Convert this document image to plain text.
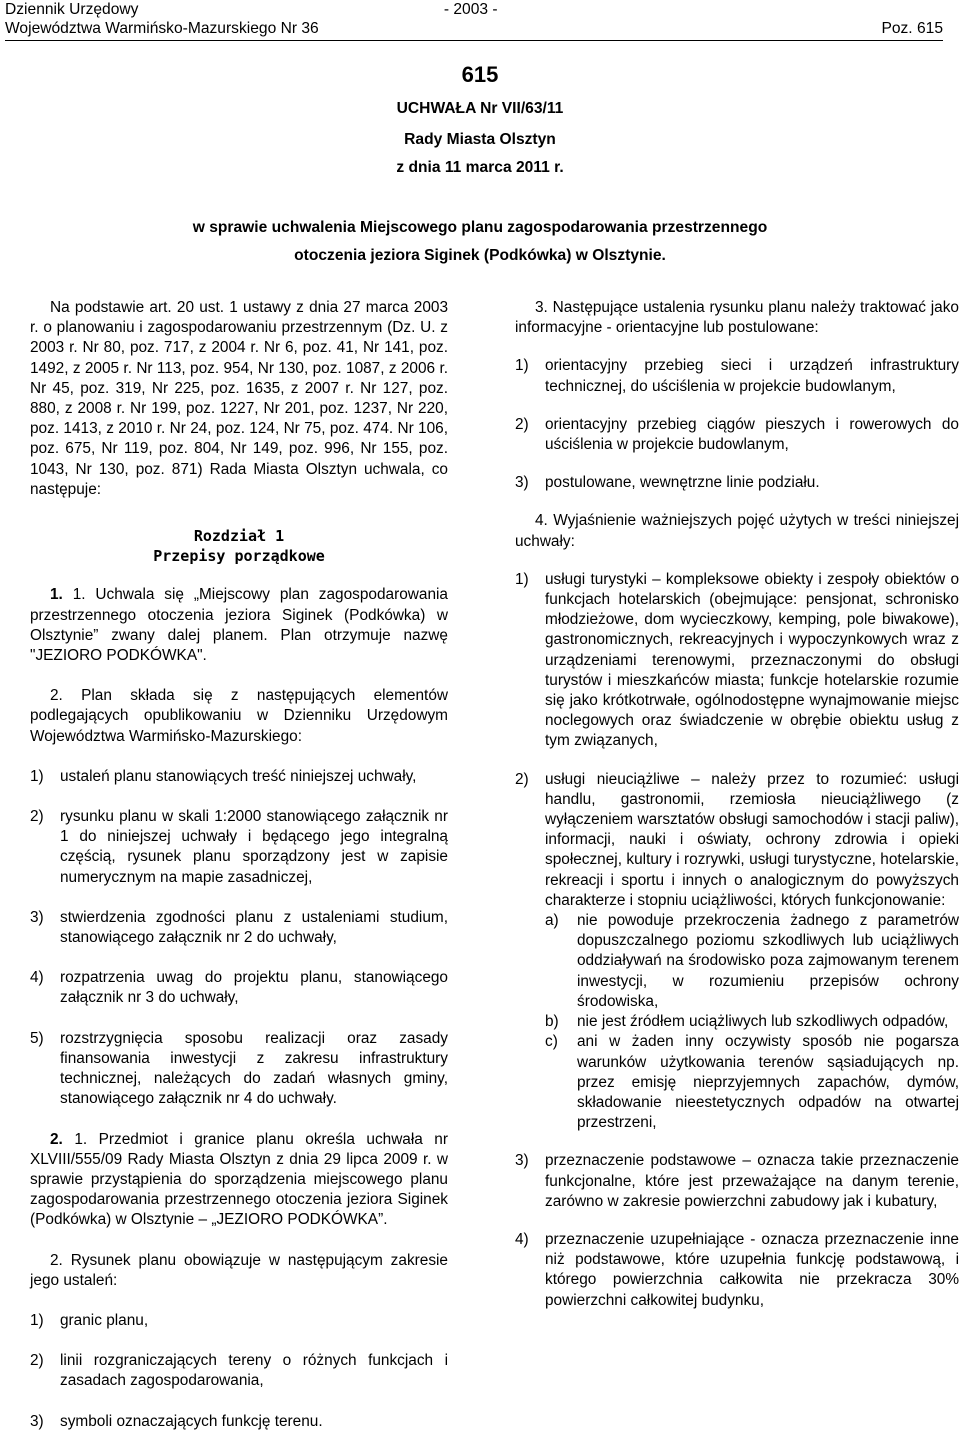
Dziennik Urzędowy	- 2003 -
Województwa Warmińsko-Mazurskiego Nr 36	Poz. 615
615
UCHWAŁA Nr VII/63/11
Rady Miasta Olsztyn
z dnia 11 marca 2011 r.
w sprawie uchwalenia Miejscowego planu zagospodarowania przestrzennego
otoczenia jeziora Siginek (Podkówka) w Olsztynie.

Na podstawie art. 20 ust. 1 ustawy z dnia 27 marca 2003 r. o planowaniu i zagospodarowaniu przestrzennym (Dz. U. z 2003 r. Nr 80, poz. 717, z 2004 r. Nr 6, poz. 41, Nr 141, poz. 1492, z 2005 r. Nr 113, poz. 954, Nr 130, poz. 1087, z 2006 r. Nr 45, poz. 319, Nr 225, poz. 1635, z 2007 r. Nr 127, poz. 880, z 2008 r. Nr 199, poz. 1227, Nr 201, poz. 1237, Nr 220, poz. 1413, z 2010 r. Nr 24, poz. 124, Nr 75, poz. 474. Nr 106, poz. 675, Nr 119, poz. 804, Nr 149, poz. 996, Nr 155, poz. 1043, Nr 130, poz. 871) Rada Miasta Olsztyn uchwala, co następuje:

Rozdział 1
Przepisy porządkowe

1. 1. Uchwala się „Miejscowy plan zagospodarowania przestrzennego otoczenia jeziora Siginek (Podkówka) w Olsztynie” zwany dalej planem. Plan otrzymuje nazwę "JEZIORO PODKÓWKA".

2. Plan składa się z następujących elementów podlegających opublikowaniu w Dzienniku Urzędowym Województwa Warmińsko-Mazurskiego:

1)	ustaleń planu stanowiących treść niniejszej uchwały,
2)	rysunku planu w skali 1:2000 stanowiącego załącznik nr 1 do niniejszej uchwały i będącego jego integralną częścią, rysunek planu sporządzony jest w zapisie numerycznym na mapie zasadniczej,
3)	stwierdzenia zgodności planu z ustaleniami studium, stanowiącego załącznik nr 2 do uchwały,
4)	rozpatrzenia uwag do projektu planu, stanowiącego załącznik nr 3 do uchwały,
5)	rozstrzygnięcia sposobu realizacji oraz zasady finansowania inwestycji z zakresu infrastruktury technicznej, należących do zadań własnych gminy, stanowiącego załącznik nr 4 do uchwały.

2. 1. Przedmiot i granice planu określa uchwała nr XLVIII/555/09 Rady Miasta Olsztyn z dnia 29 lipca 2009 r. w sprawie przystąpienia do sporządzenia miejscowego planu zagospodarowania przestrzennego otoczenia jeziora Siginek (Podkówka) w Olsztynie – „JEZIORO PODKÓWKA”.

2. Rysunek planu obowiązuje w następującym zakresie jego ustaleń:

1)	granic planu,
2)	linii rozgraniczających tereny o różnych funkcjach i zasadach zagospodarowania,
3)	symboli oznaczających funkcję terenu.

3. Następujące ustalenia rysunku planu należy traktować jako informacyjne - orientacyjne lub postulowane:

1)	orientacyjny przebieg sieci i urządzeń infrastruktury technicznej, do uściślenia w projekcie budowlanym,
2)	orientacyjny przebieg ciągów pieszych i rowerowych do uściślenia w projekcie budowlanym,
3)	postulowane, wewnętrzne linie podziału.

4. Wyjaśnienie ważniejszych pojęć użytych w treści niniejszej uchwały:

1)	usługi turystyki – kompleksowe obiekty i zespoły obiektów o funkcjach hotelarskich (obejmujące: pensjonat, schronisko młodzieżowe, dom wycieczkowy, kemping, pole biwakowe), gastronomicznych, rekreacyjnych i wypoczynkowych wraz z urządzeniami terenowymi, przeznaczonymi do obsługi turystów i mieszkańców miasta; funkcje hotelarskie rozumie się jako krótkotrwałe, ogólnodostępne wynajmowanie miejsc noclegowych oraz świadczenie w obrębie obiektu usług z tym związanych,
2)	usługi nieuciążliwe – należy przez to rozumieć: usługi handlu, gastronomii, rzemiosła nieuciążliwego (z wyłączeniem warsztatów obsługi samochodów i stacji paliw), informacji, nauki i oświaty, ochrony zdrowia i opieki społecznej, kultury i rozrywki, usługi turystyczne, hotelarskie, rekreacji i sportu i innych o analogicznym do powyższych charakterze i stopniu uciążliwości, których funkcjonowanie:
a)	nie powoduje przekroczenia żadnego z parametrów dopuszczalnego poziomu szkodliwych lub uciążliwych oddziaływań na środowisko poza zajmowanym terenem inwestycji, w rozumieniu przepisów ochrony środowiska,
b)	nie jest źródłem uciążliwych lub szkodliwych odpadów,
c)	ani w żaden inny oczywisty sposób nie pogarsza warunków użytkowania terenów sąsiadujących np. przez emisję nieprzyjemnych zapachów, dymów, składowanie nieestetycznych odpadów na otwartej przestrzeni,
3)	przeznaczenie podstawowe – oznacza takie przeznaczenie funkcjonalne, które jest przeważające na danym terenie, zarówno w zakresie powierzchni zabudowy jak i kubatury,
4)	przeznaczenie uzupełniające - oznacza przeznaczenie inne niż podstawowe, które uzupełnia funkcję podstawową, i którego powierzchnia całkowita nie przekracza 30% powierzchni całkowitej budynku,
